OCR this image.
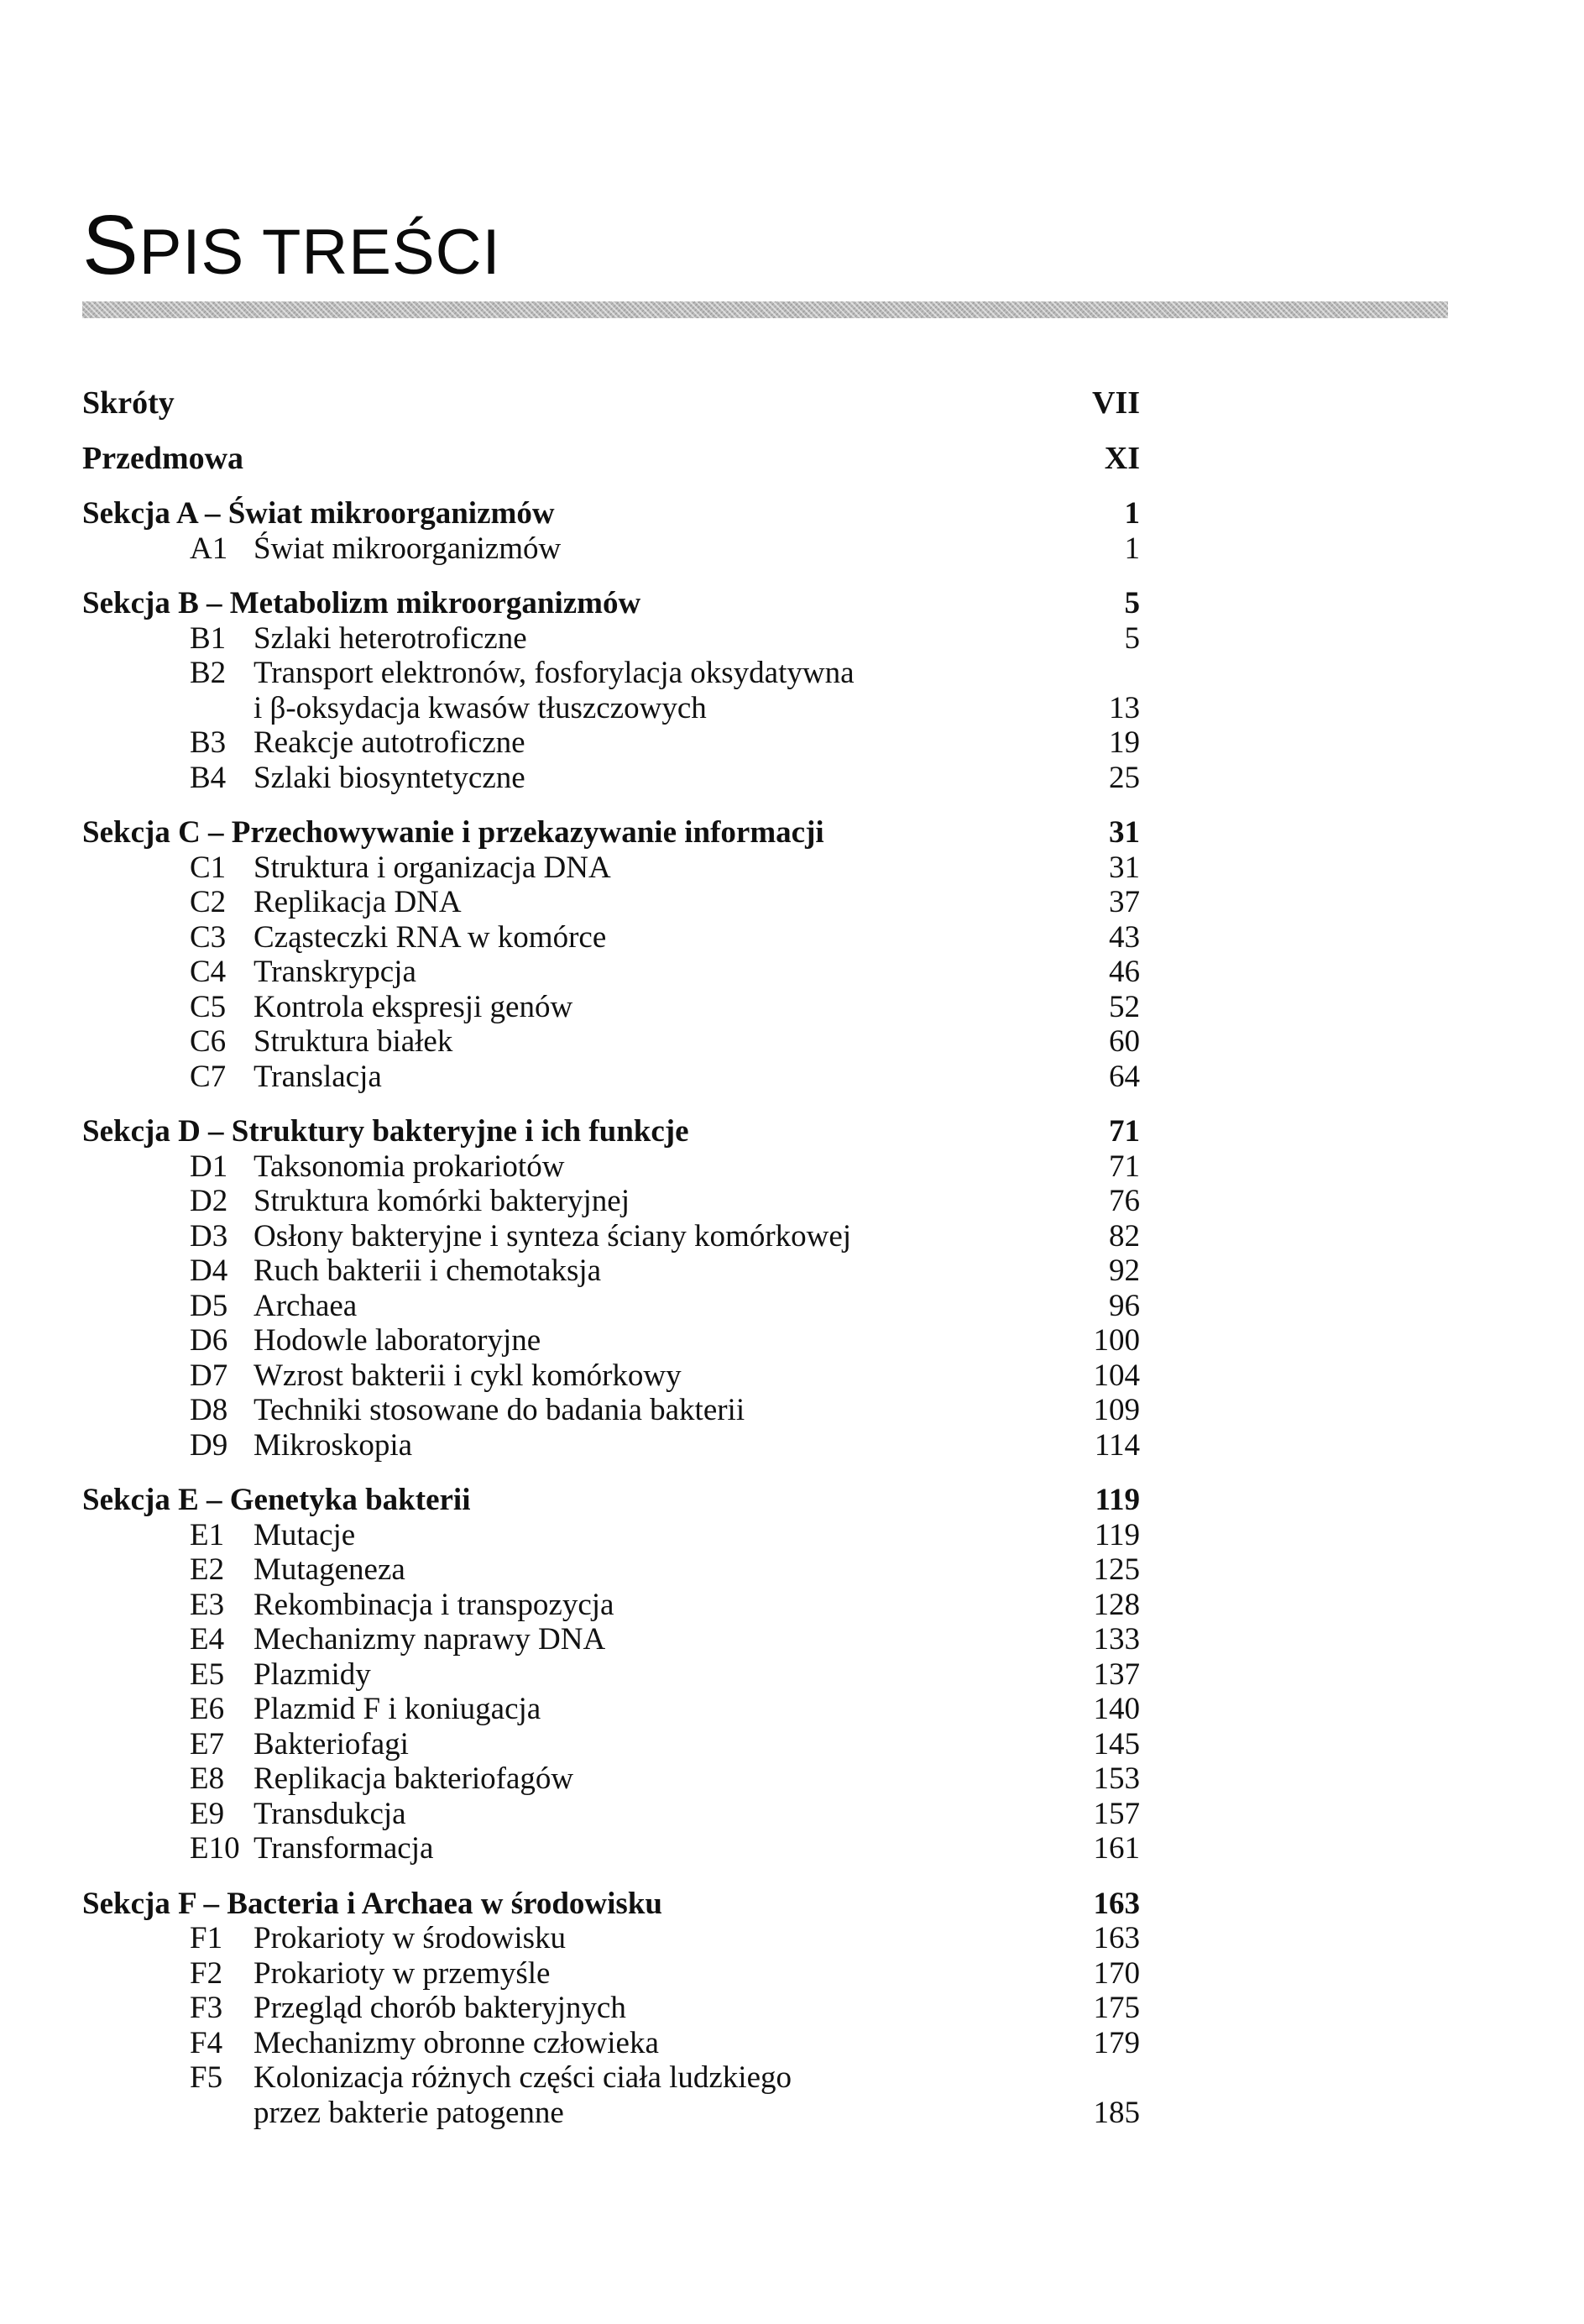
SPIS TREŚCI
Skróty	VII
Przedmowa	XI
Sekcja A – Świat mikroorganizmów	1
A1 Świat mikroorganizmów	1
Sekcja B – Metabolizm mikroorganizmów	5
B1 Szlaki heterotroficzne	5
B2 Transport elektronów, fosforylacja oksydatywna
i β-oksydacja kwasów tłuszczowych	13
B3 Reakcje autotroficzne	19
B4 Szlaki biosyntetyczne	25
Sekcja C – Przechowywanie i przekazywanie informacji	31
C1 Struktura i organizacja DNA	31
C2 Replikacja DNA	37
C3 Cząsteczki RNA w komórce	43
C4 Transkrypcja	46
C5 Kontrola ekspresji genów	52
C6 Struktura białek	60
C7 Translacja	64
Sekcja D – Struktury bakteryjne i ich funkcje	71
D1 Taksonomia prokariotów	71
D2 Struktura komórki bakteryjnej	76
D3 Osłony bakteryjne i synteza ściany komórkowej	82
D4 Ruch bakterii i chemotaksja	92
D5 Archaea	96
D6 Hodowle laboratoryjne	100
D7 Wzrost bakterii i cykl komórkowy	104
D8 Techniki stosowane do badania bakterii	109
D9 Mikroskopia	114
Sekcja E – Genetyka bakterii	119
E1 Mutacje	119
E2 Mutageneza	125
E3 Rekombinacja i transpozycja	128
E4 Mechanizmy naprawy DNA	133
E5 Plazmidy	137
E6 Plazmid F i koniugacja	140
E7 Bakteriofagi	145
E8 Replikacja bakteriofagów	153
E9 Transdukcja	157
E10 Transformacja	161
Sekcja F – Bacteria i Archaea w środowisku	163
F1 Prokarioty w środowisku	163
F2 Prokarioty w przemyśle	170
F3 Przegląd chorób bakteryjnych	175
F4 Mechanizmy obronne człowieka	179
F5 Kolonizacja różnych części ciała ludzkiego
przez bakterie patogenne	185
